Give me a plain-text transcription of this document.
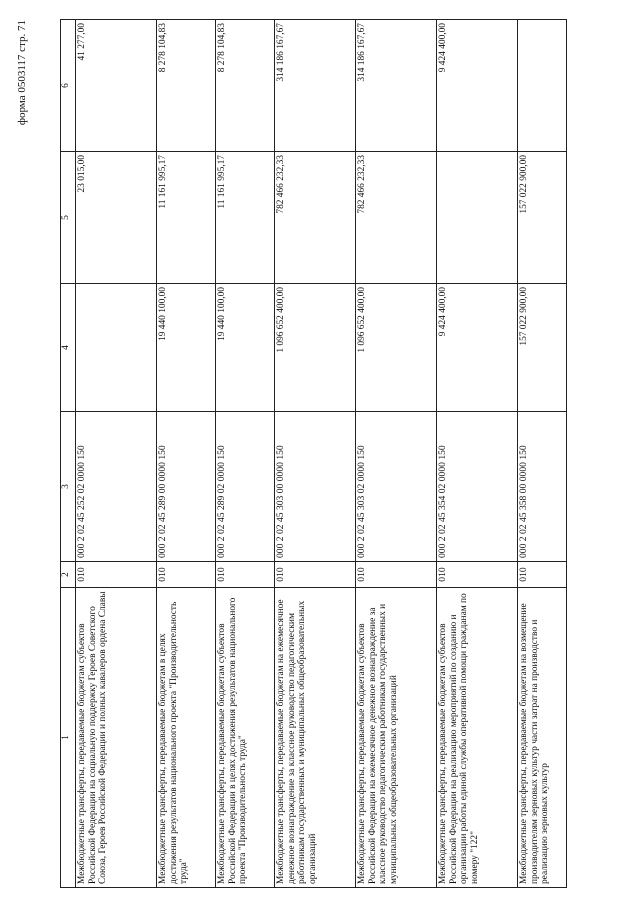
форма 0503117 стр. 71
1	2	3	4	5	6
Межбюджетные трансферты, передаваемые бюджетам субъектов Российской Федерации на социальную поддержку Героев Советского Союза, Героев Российской Федерации и полных кавалеров ордена Славы	010	000 2 02 45 252 02 0000 150		23 015,00	41 277,00
Межбюджетные трансферты, передаваемые бюджетам в целях достижения результатов национального проекта "Производительность труда"	010	000 2 02 45 289 00 0000 150	19 440 100,00	11 161 995,17	8 278 104,83
Межбюджетные трансферты, передаваемые бюджетам субъектов Российской Федерации в целях достижения результатов национального проекта "Производительность труда"	010	000 2 02 45 289 02 0000 150	19 440 100,00	11 161 995,17	8 278 104,83
Межбюджетные трансферты, передаваемые бюджетам на ежемесячное денежное вознаграждение за классное руководство педагогическим работникам государственных и муниципальных общеобразовательных организаций	010	000 2 02 45 303 00 0000 150	1 096 652 400,00	782 466 232,33	314 186 167,67
Межбюджетные трансферты, передаваемые бюджетам субъектов Российской Федерации на ежемесячное денежное вознаграждение за классное руководство педагогическим работникам государственных и муниципальных общеобразовательных организаций	010	000 2 02 45 303 02 0000 150	1 096 652 400,00	782 466 232,33	314 186 167,67
Межбюджетные трансферты, передаваемые бюджетам субъектов Российской Федерации на реализацию мероприятий по созданию и организации работы единой службы оперативной помощи гражданам по номеру "122"	010	000 2 02 45 354 02 0000 150	9 424 400,00		9 424 400,00
Межбюджетные трансферты, передаваемые бюджетам на возмещение производителям зерновых культур части затрат на производство и реализацию зерновых культур	010	000 2 02 45 358 00 0000 150	157 022 900,00	157 022 900,00	
